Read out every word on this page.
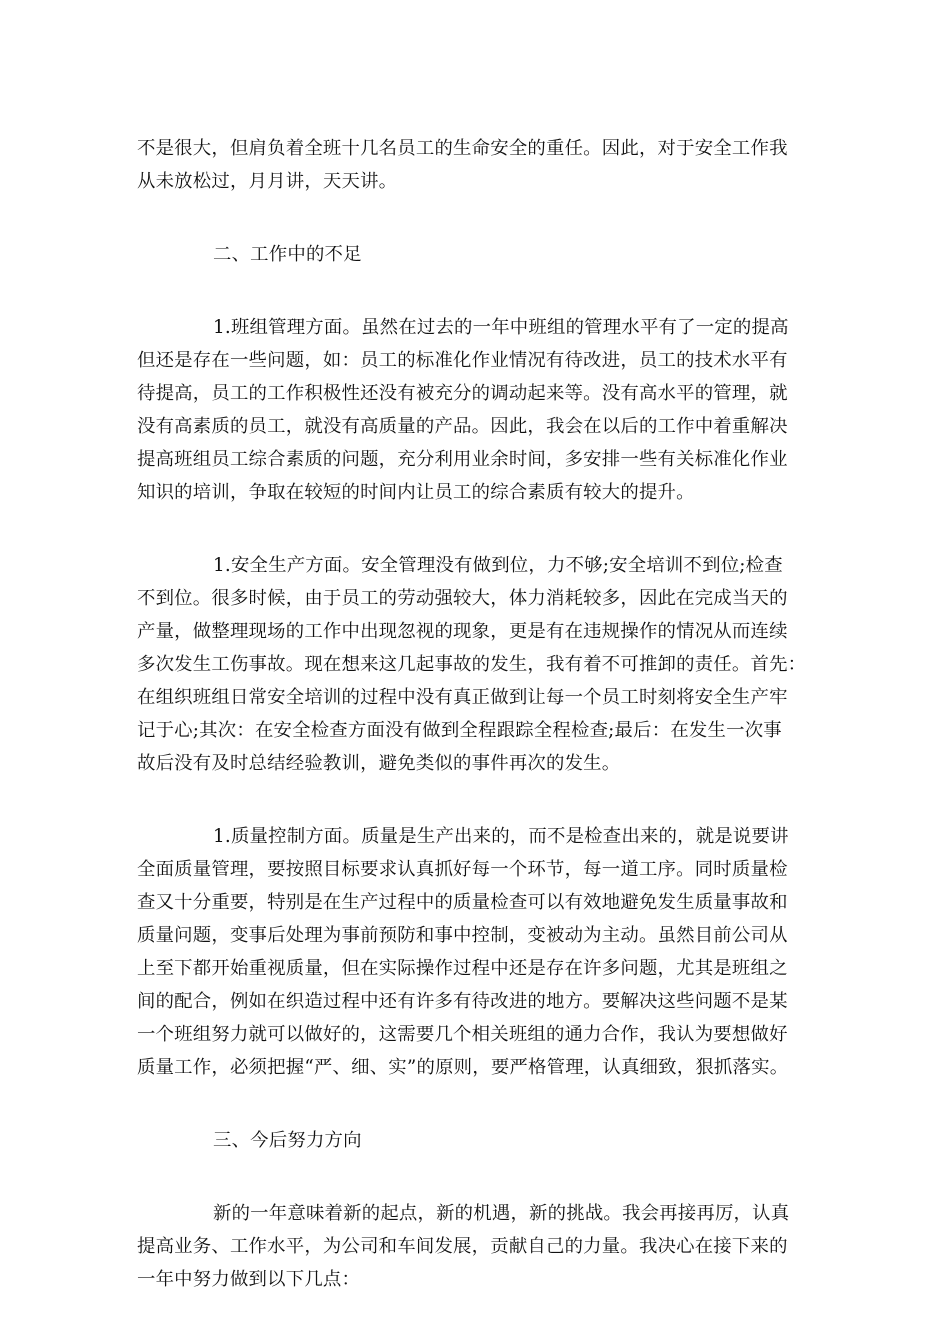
不是很大，但肩负着全班十几名员工的生命安全的重任。因此，对于安全工作我
从未放松过，月月讲，天天讲。
二、工作中的不足
1.班组管理方面。虽然在过去的一年中班组的管理水平有了一定的提高
但还是存在一些问题，如：员工的标准化作业情况有待改进，员工的技术水平有
待提高，员工的工作积极性还没有被充分的调动起来等。没有高水平的管理，就
没有高素质的员工，就没有高质量的产品。因此，我会在以后的工作中着重解决
提高班组员工综合素质的问题，充分利用业余时间，多安排一些有关标准化作业
知识的培训，争取在较短的时间内让员工的综合素质有较大的提升。
1.安全生产方面。安全管理没有做到位，力不够;安全培训不到位;检查
不到位。很多时候，由于员工的劳动强较大，体力消耗较多，因此在完成当天的
产量，做整理现场的工作中出现忽视的现象，更是有在违规操作的情况从而连续
多次发生工伤事故。现在想来这几起事故的发生，我有着不可推卸的责任。首先：
在组织班组日常安全培训的过程中没有真正做到让每一个员工时刻将安全生产牢
记于心;其次：在安全检查方面没有做到全程跟踪全程检查;最后：在发生一次事
故后没有及时总结经验教训，避免类似的事件再次的发生。
1.质量控制方面。质量是生产出来的，而不是检查出来的，就是说要讲
全面质量管理，要按照目标要求认真抓好每一个环节，每一道工序。同时质量检
查又十分重要，特别是在生产过程中的质量检查可以有效地避免发生质量事故和
质量问题，变事后处理为事前预防和事中控制，变被动为主动。虽然目前公司从
上至下都开始重视质量，但在实际操作过程中还是存在许多问题，尤其是班组之
间的配合，例如在织造过程中还有许多有待改进的地方。要解决这些问题不是某
一个班组努力就可以做好的，这需要几个相关班组的通力合作，我认为要想做好
质量工作，必须把握“严、细、实”的原则，要严格管理，认真细致，狠抓落实。
三、今后努力方向
新的一年意味着新的起点，新的机遇，新的挑战。我会再接再厉，认真
提高业务、工作水平，为公司和车间发展，贡献自己的力量。我决心在接下来的
一年中努力做到以下几点：
